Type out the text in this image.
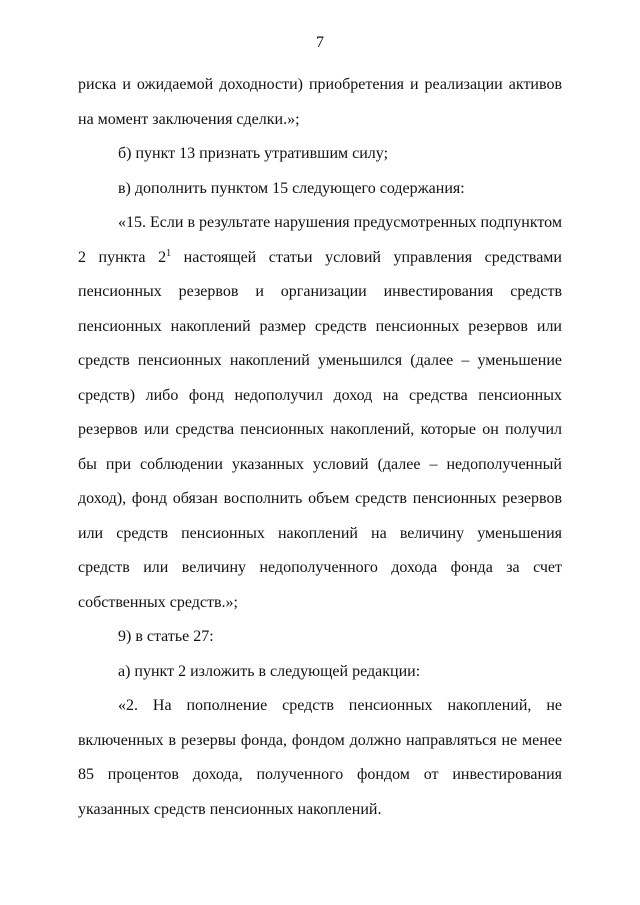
7

риска и ожидаемой доходности) приобретения и реализации активов на момент заключения сделки.»;

б) пункт 13 признать утратившим силу;

в) дополнить пунктом 15 следующего содержания:

«15. Если в результате нарушения предусмотренных подпунктом 2 пункта $2^1$ настоящей статьи условий управления средствами пенсионных резервов и организации инвестирования средств пенсионных накоплений размер средств пенсионных резервов или средств пенсионных накоплений уменьшился (далее – уменьшение средств) либо фонд недополучил доход на средства пенсионных резервов или средства пенсионных накоплений, которые он получил бы при соблюдении указанных условий (далее – недополученный доход), фонд обязан восполнить объем средств пенсионных резервов или средств пенсионных накоплений на величину уменьшения средств или величину недополученного дохода фонда за счет собственных средств.»;

9) в статье 27:

а) пункт 2 изложить в следующей редакции:

«2. На пополнение средств пенсионных накоплений, не включенных в резервы фонда, фондом должно направляться не менее 85 процентов дохода, полученного фондом от инвестирования указанных средств пенсионных накоплений.
